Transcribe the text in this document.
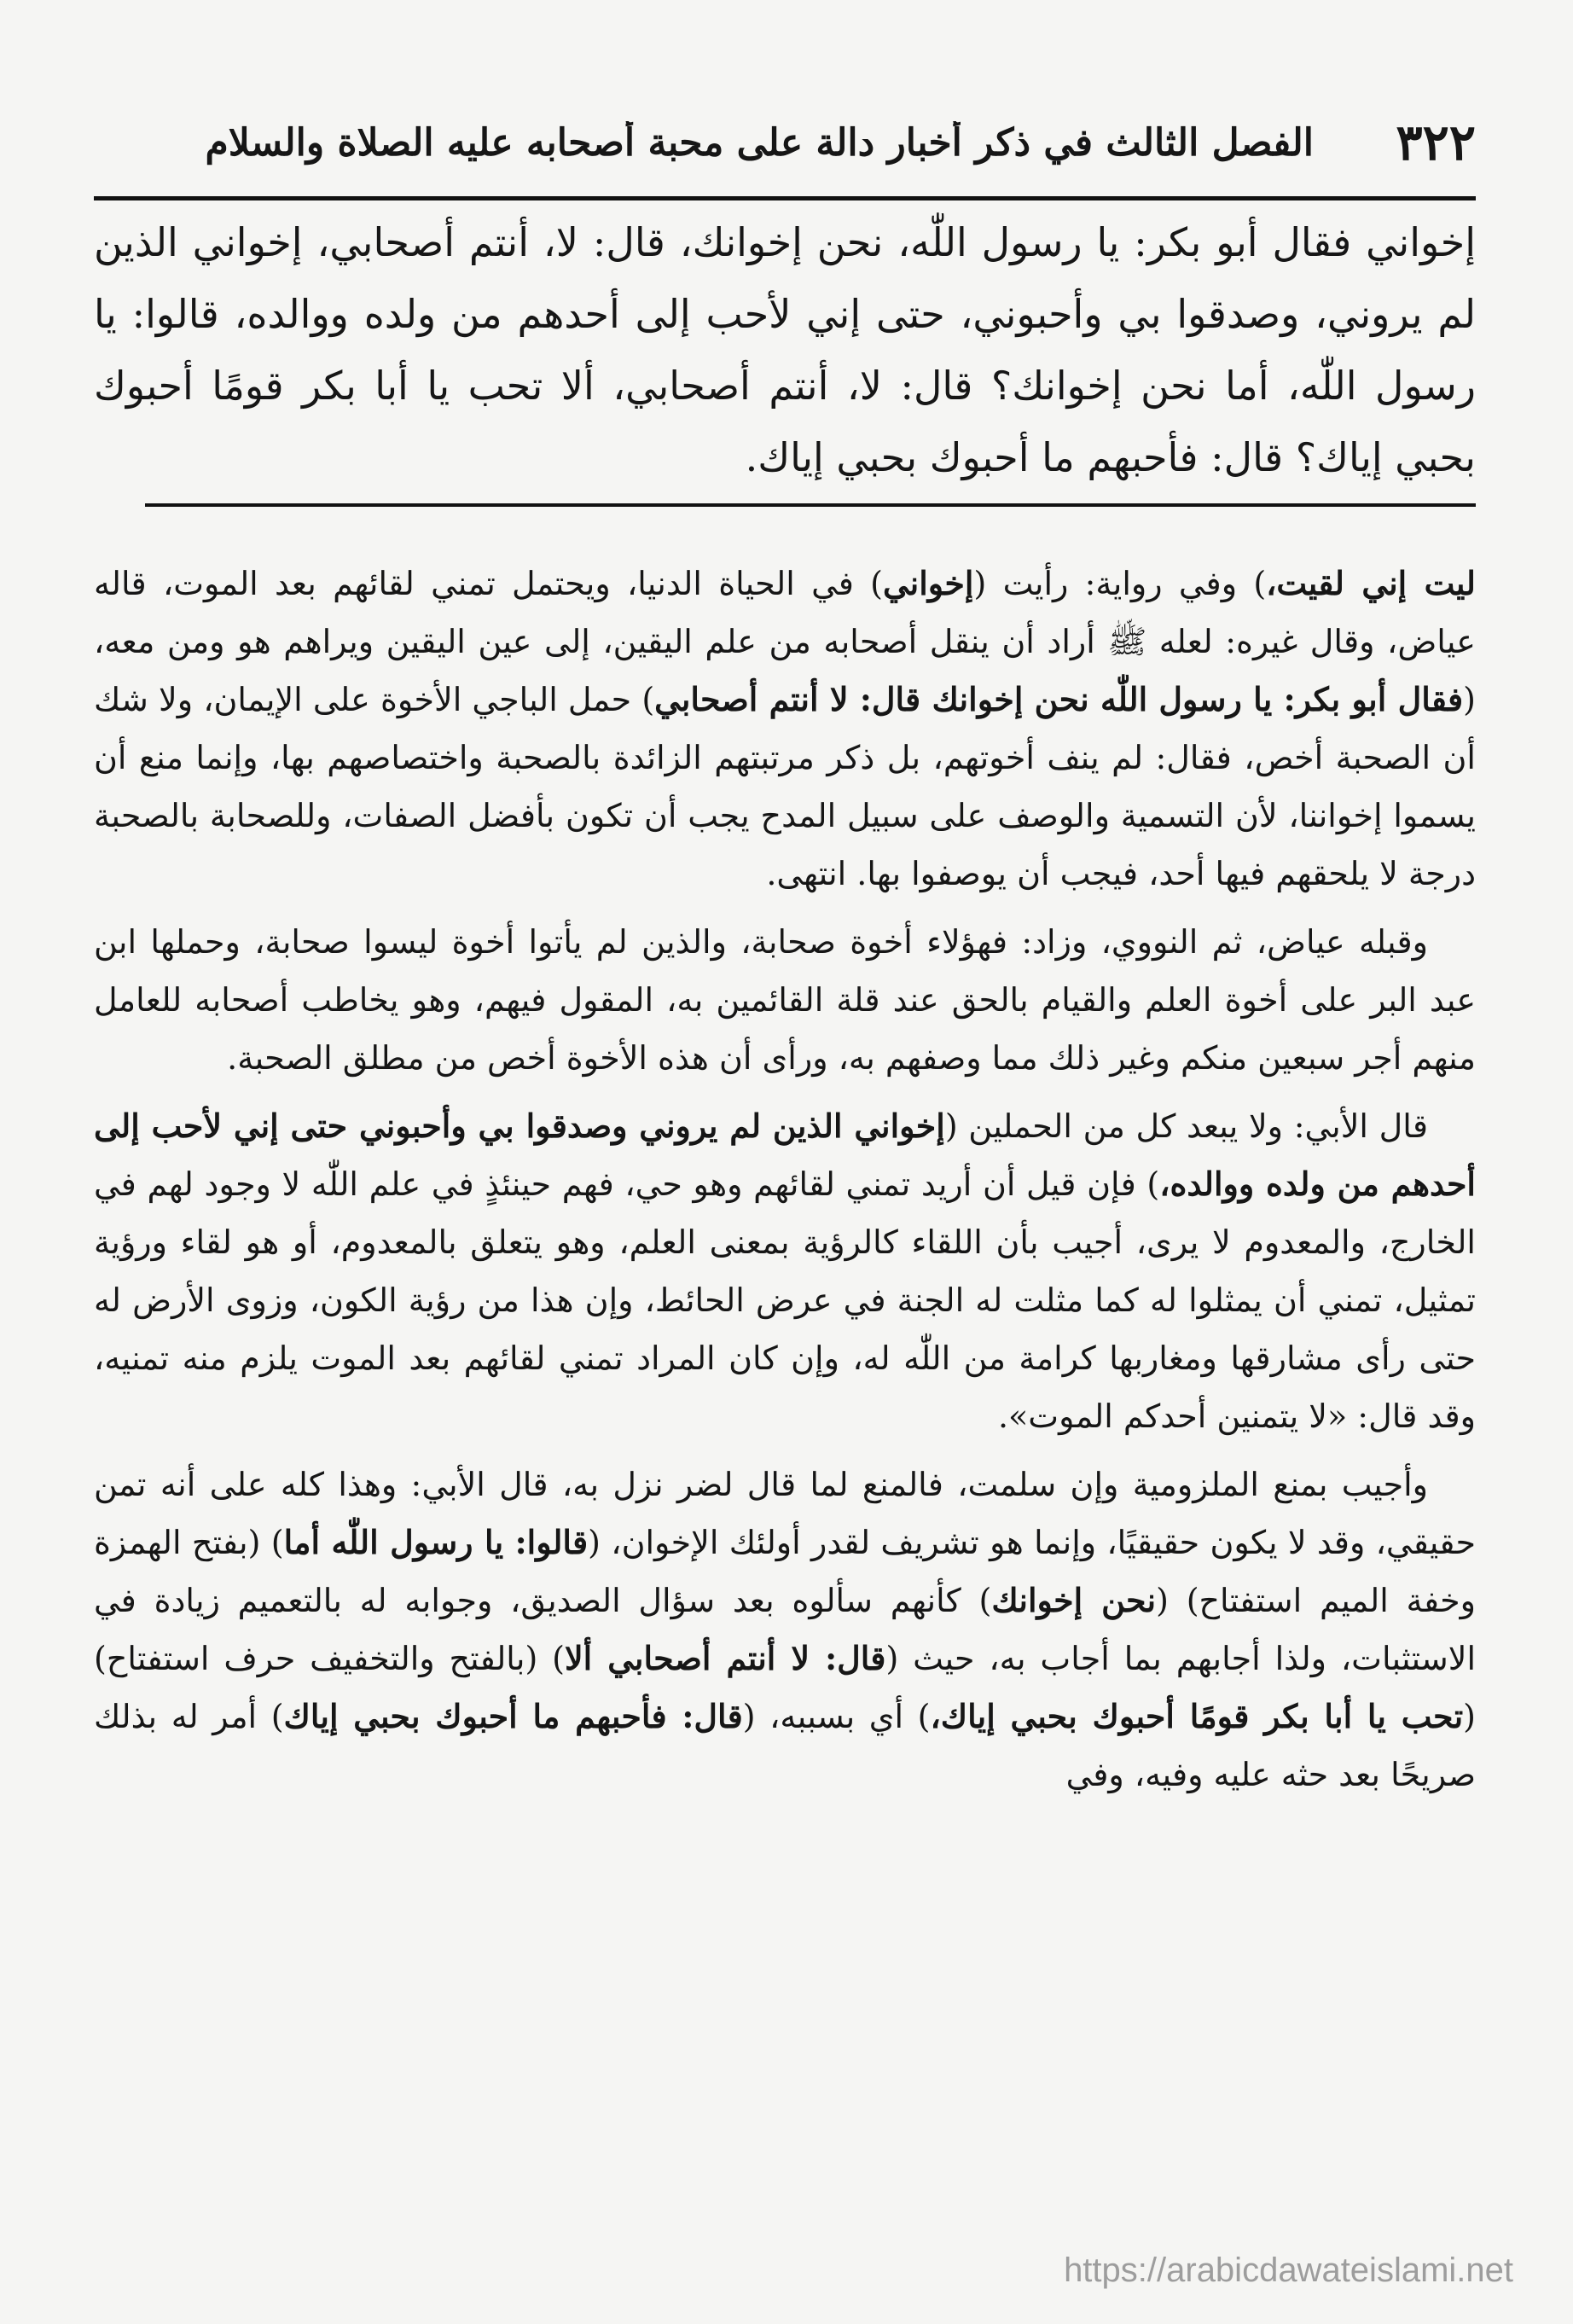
٣٢٢
الفصل الثالث في ذكر أخبار دالة على محبة أصحابه عليه الصلاة والسلام
إخواني فقال أبو بكر: يا رسول اللّٰه، نحن إخوانك، قال: لا، أنتم أصحابي، إخواني الذين لم يروني، وصدقوا بي وأحبوني، حتى إني لأحب إلى أحدهم من ولده ووالده، قالوا: يا رسول اللّٰه، أما نحن إخوانك؟ قال: لا، أنتم أصحابي، ألا تحب يا أبا بكر قومًا أحبوك بحبي إياك؟ قال: فأحبهم ما أحبوك بحبي إياك.

ليت إني لقيت،) وفي رواية: رأيت (إخواني) في الحياة الدنيا، ويحتمل تمني لقائهم بعد الموت، قاله عياض، وقال غيره: لعله ﷺ أراد أن ينقل أصحابه من علم اليقين، إلى عين اليقين ويراهم هو ومن معه، (فقال أبو بكر: يا رسول اللّٰه نحن إخوانك قال: لا أنتم أصحابي) حمل الباجي الأخوة على الإيمان، ولا شك أن الصحبة أخص، فقال: لم ينف أخوتهم، بل ذكر مرتبتهم الزائدة بالصحبة واختصاصهم بها، وإنما منع أن يسموا إخواننا، لأن التسمية والوصف على سبيل المدح يجب أن تكون بأفضل الصفات، وللصحابة بالصحبة درجة لا يلحقهم فيها أحد، فيجب أن يوصفوا بها. انتهى.

وقبله عياض، ثم النووي، وزاد: فهؤلاء أخوة صحابة، والذين لم يأتوا أخوة ليسوا صحابة، وحملها ابن عبد البر على أخوة العلم والقيام بالحق عند قلة القائمين به، المقول فيهم، وهو يخاطب أصحابه للعامل منهم أجر سبعين منكم وغير ذلك مما وصفهم به، ورأى أن هذه الأخوة أخص من مطلق الصحبة.

قال الأبي: ولا يبعد كل من الحملين (إخواني الذين لم يروني وصدقوا بي وأحبوني حتى إني لأحب إلى أحدهم من ولده ووالده،) فإن قيل أن أريد تمني لقائهم وهو حي، فهم حينئذٍ في علم اللّٰه لا وجود لهم في الخارج، والمعدوم لا يرى، أجيب بأن اللقاء كالرؤية بمعنى العلم، وهو يتعلق بالمعدوم، أو هو لقاء ورؤية تمثيل، تمني أن يمثلوا له كما مثلت له الجنة في عرض الحائط، وإن هذا من رؤية الكون، وزوى الأرض له حتى رأى مشارقها ومغاربها كرامة من اللّٰه له، وإن كان المراد تمني لقائهم بعد الموت يلزم منه تمنيه، وقد قال: «لا يتمنين أحدكم الموت».

وأجيب بمنع الملزومية وإن سلمت، فالمنع لما قال لضر نزل به، قال الأبي: وهذا كله على أنه تمن حقيقي، وقد لا يكون حقيقيًا، وإنما هو تشريف لقدر أولئك الإخوان، (قالوا: يا رسول اللّٰه أما) (بفتح الهمزة وخفة الميم استفتاح) (نحن إخوانك) كأنهم سألوه بعد سؤال الصديق، وجوابه له بالتعميم زيادة في الاستثبات، ولذا أجابهم بما أجاب به، حيث (قال: لا أنتم أصحابي ألا) (بالفتح والتخفيف حرف استفتاح) (تحب يا أبا بكر قومًا أحبوك بحبي إياك،) أي بسببه، (قال: فأحبهم ما أحبوك بحبي إياك) أمر له بذلك صريحًا بعد حثه عليه وفيه، وفي

https://arabicdawateislami.net
